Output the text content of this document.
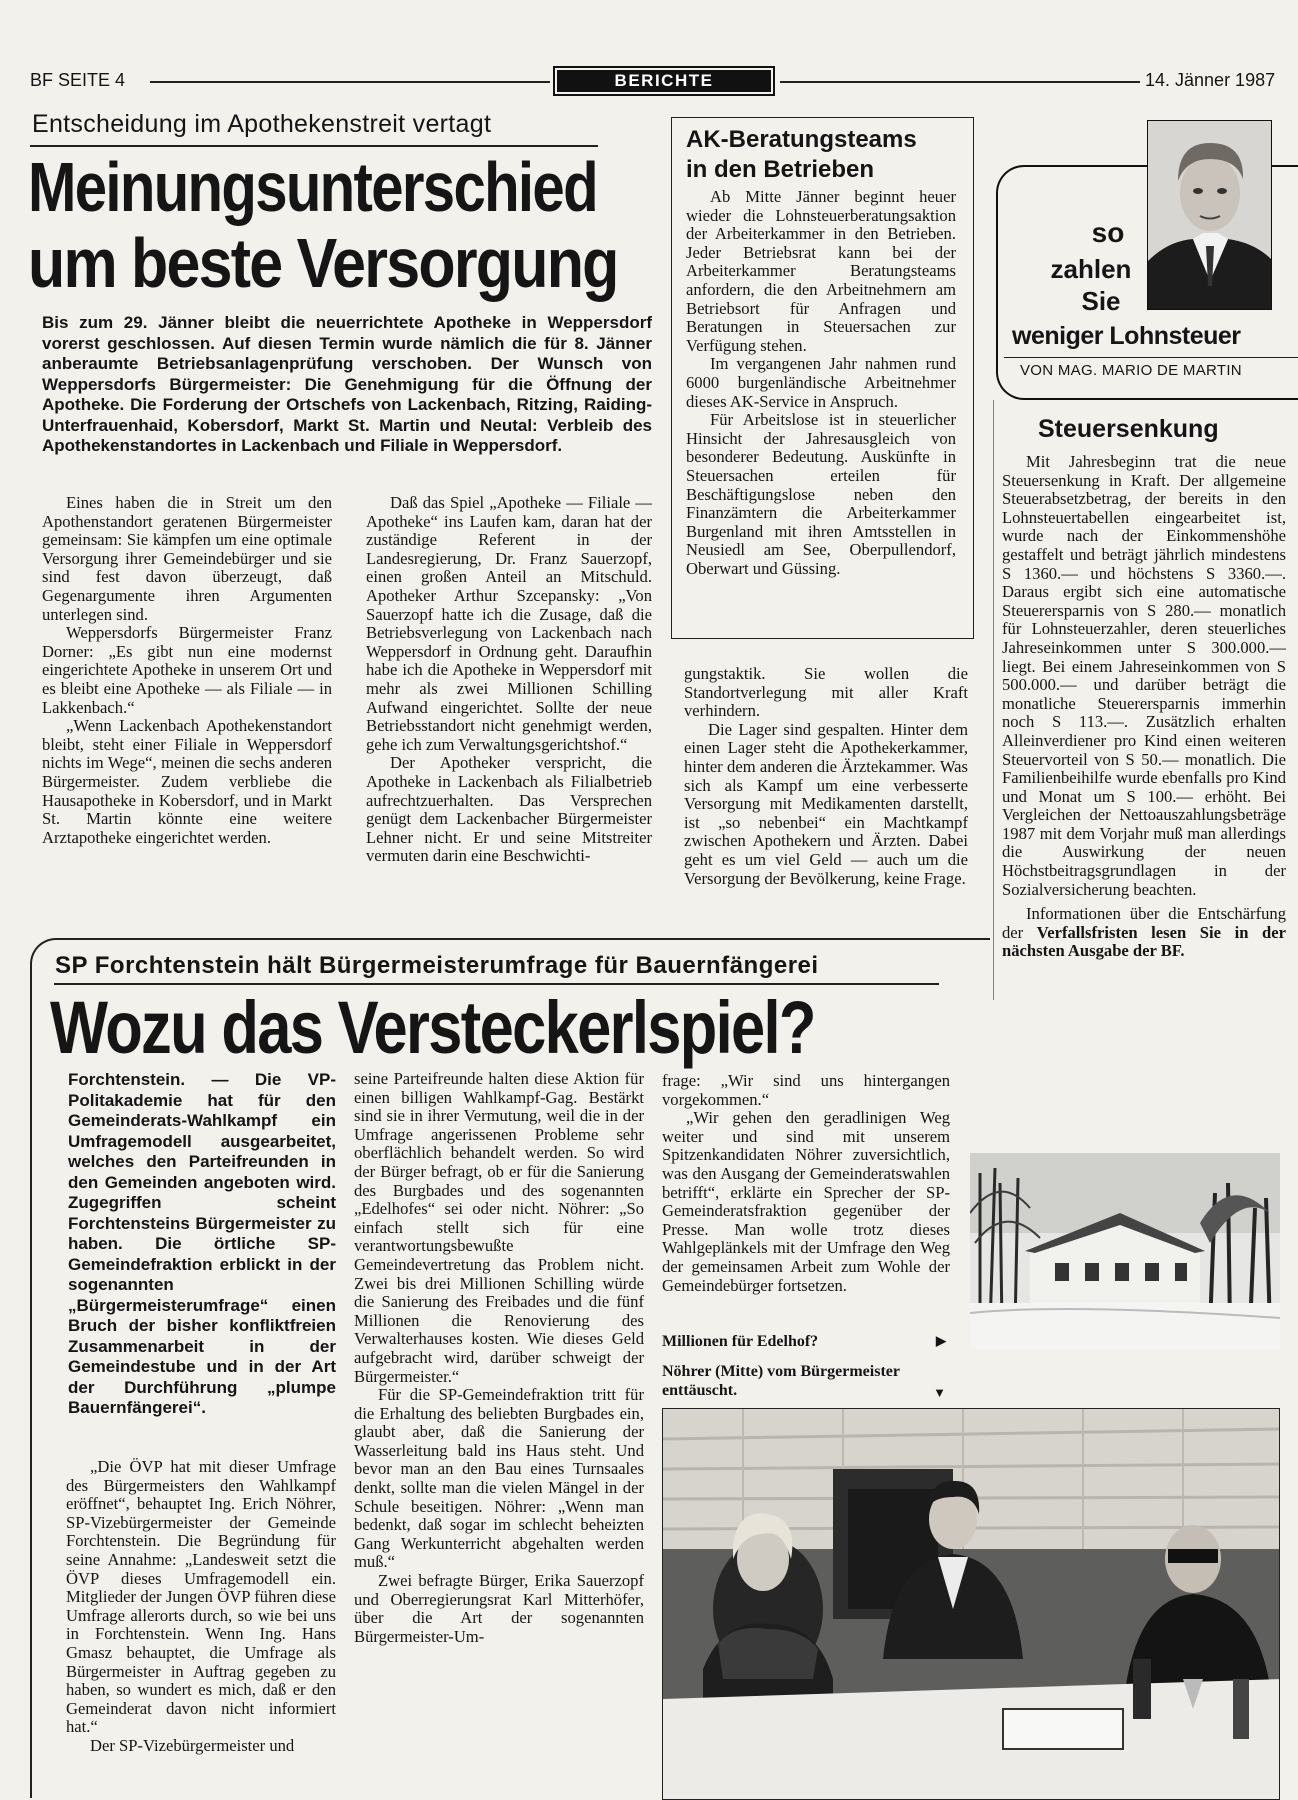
BF SEITE 4	BERICHTE	14. Jänner 1987
Entscheidung im Apothekenstreit vertagt
Meinungsunterschied
um beste Versorgung
Bis zum 29. Jänner bleibt die neuerrichtete Apotheke in Weppersdorf vorerst geschlossen. Auf diesen Termin wurde nämlich die für 8. Jänner anberaumte Betriebsanlagenprüfung verschoben. Der Wunsch von Weppersdorfs Bürgermeister: Die Genehmigung für die Öffnung der Apotheke. Die Forderung der Ortschefs von Lackenbach, Ritzing, Raiding-Unterfrauenhaid, Kobersdorf, Markt St. Martin und Neutal: Verbleib des Apothekenstandortes in Lackenbach und Filiale in Weppersdorf.

Eines haben die in Streit um den Apothenstandort geratenen Bürgermeister gemeinsam: Sie kämpfen um eine optimale Versorgung ihrer Gemeindebürger und sie sind fest davon überzeugt, daß Gegenargumente ihren Argumenten unterlegen sind.

Weppersdorfs Bürgermeister Franz Dorner: „Es gibt nun eine modernst eingerichtete Apotheke in unserem Ort und es bleibt eine Apotheke — als Filiale — in Lakkenbach.“

„Wenn Lackenbach Apothekenstandort bleibt, steht einer Filiale in Weppersdorf nichts im Wege“, meinen die sechs anderen Bürgermeister. Zudem verbliebe die Hausapotheke in Kobersdorf, und in Markt St. Martin könnte eine weitere Arztapotheke eingerichtet werden.

Daß das Spiel „Apotheke — Filiale — Apotheke“ ins Laufen kam, daran hat der zuständige Referent in der Landesregierung, Dr. Franz Sauerzopf, einen großen Anteil an Mitschuld. Apotheker Arthur Szcepansky: „Von Sauerzopf hatte ich die Zusage, daß die Betriebsverlegung von Lackenbach nach Weppersdorf in Ordnung geht. Daraufhin habe ich die Apotheke in Weppersdorf mit mehr als zwei Millionen Schilling Aufwand eingerichtet. Sollte der neue Betriebsstandort nicht genehmigt werden, gehe ich zum Verwaltungsgerichtshof.“

Der Apotheker verspricht, die Apotheke in Lackenbach als Filialbetrieb aufrechtzuerhalten. Das Versprechen genügt dem Lackenbacher Bürgermeister Lehner nicht. Er und seine Mitstreiter vermuten darin eine Beschwichti-

gungstaktik. Sie wollen die Standortverlegung mit aller Kraft verhindern.

Die Lager sind gespalten. Hinter dem einen Lager steht die Apothekerkammer, hinter dem anderen die Ärztekammer. Was sich als Kampf um eine verbesserte Versorgung mit Medikamenten darstellt, ist „so nebenbei“ ein Machtkampf zwischen Apothekern und Ärzten. Dabei geht es um viel Geld — auch um die Versorgung der Bevölkerung, keine Frage.

AK-Beratungsteams
in den Betrieben

Ab Mitte Jänner beginnt heuer wieder die Lohnsteuerberatungsaktion der Arbeiterkammer in den Betrieben. Jeder Betriebsrat kann bei der Arbeiterkammer Beratungsteams anfordern, die den Arbeitnehmern am Betriebsort für Anfragen und Beratungen in Steuersachen zur Verfügung stehen.

Im vergangenen Jahr nahmen rund 6000 burgenländische Arbeitnehmer dieses AK-Service in Anspruch.

Für Arbeitslose ist in steuerlicher Hinsicht der Jahresausgleich von besonderer Bedeutung. Auskünfte in Steuersachen erteilen für Beschäftigungslose neben den Finanzämtern die Arbeiterkammer Burgenland mit ihren Amtsstellen in Neusiedl am See, Oberpullendorf, Oberwart und Güssing.

so
zahlen
Sie
weniger Lohnsteuer
VON MAG. MARIO DE MARTIN
Steuersenkung

Mit Jahresbeginn trat die neue Steuersenkung in Kraft. Der allgemeine Steuerabsetzbetrag, der bereits in den Lohnsteuertabellen eingearbeitet ist, wurde nach der Einkommenshöhe gestaffelt und beträgt jährlich mindestens S 1360.— und höchstens S 3360.—. Daraus ergibt sich eine automatische Steuerersparnis von S 280.— monatlich für Lohnsteuerzahler, deren steuerliches Jahreseinkommen unter S 300.000.— liegt. Bei einem Jahreseinkommen von S 500.000.— und darüber beträgt die monatliche Steuerersparnis immerhin noch S 113.—. Zusätzlich erhalten Alleinverdiener pro Kind einen weiteren Steuervorteil von S 50.— monatlich. Die Familienbeihilfe wurde ebenfalls pro Kind und Monat um S 100.— erhöht. Bei Vergleichen der Nettoauszahlungsbeträge 1987 mit dem Vorjahr muß man allerdings die Auswirkung der neuen Höchstbeitragsgrundlagen in der Sozialversicherung beachten.

Informationen über die Entschärfung der Verfallsfristen lesen Sie in der nächsten Ausgabe der BF.

SP Forchtenstein hält Bürgermeisterumfrage für Bauernfängerei
Wozu das Versteckerlspiel?
Forchtenstein. — Die VP-Politakademie hat für den Gemeinderats-Wahlkampf ein Umfragemodell ausgearbeitet, welches den Parteifreunden in den Gemeinden angeboten wird. Zugegriffen scheint Forchtensteins Bürgermeister zu haben. Die örtliche SP-Gemeindefraktion erblickt in der sogenannten „Bürgermeisterumfrage“ einen Bruch der bisher konfliktfreien Zusammenarbeit in der Gemeindestube und in der Art der Durchführung „plumpe Bauernfängerei“.

„Die ÖVP hat mit dieser Umfrage des Bürgermeisters den Wahlkampf eröffnet“, behauptet Ing. Erich Nöhrer, SP-Vizebürgermeister der Gemeinde Forchtenstein. Die Begründung für seine Annahme: „Landesweit setzt die ÖVP dieses Umfragemodell ein. Mitglieder der Jungen ÖVP führen diese Umfrage allerorts durch, so wie bei uns in Forchtenstein. Wenn Ing. Hans Gmasz behauptet, die Umfrage als Bürgermeister in Auftrag gegeben zu haben, so wundert es mich, daß er den Gemeinderat davon nicht informiert hat.“

Der SP-Vizebürgermeister und

seine Parteifreunde halten diese Aktion für einen billigen Wahlkampf-Gag. Bestärkt sind sie in ihrer Vermutung, weil die in der Umfrage angerissenen Probleme sehr oberflächlich behandelt werden. So wird der Bürger befragt, ob er für die Sanierung des Burgbades und des sogenannten „Edelhofes“ sei oder nicht. Nöhrer: „So einfach stellt sich für eine verantwortungsbewußte Gemeindevertretung das Problem nicht. Zwei bis drei Millionen Schilling würde die Sanierung des Freibades und die fünf Millionen die Renovierung des Verwalterhauses kosten. Wie dieses Geld aufgebracht wird, darüber schweigt der Bürgermeister.“

Für die SP-Gemeindefraktion tritt für die Erhaltung des beliebten Burgbades ein, glaubt aber, daß die Sanierung der Wasserleitung bald ins Haus steht. Und bevor man an den Bau eines Turnsaales denkt, sollte man die vielen Mängel in der Schule beseitigen. Nöhrer: „Wenn man bedenkt, daß sogar im schlecht beheizten Gang Werkunterricht abgehalten werden muß.“

Zwei befragte Bürger, Erika Sauerzopf und Oberregierungsrat Karl Mitterhöfer, über die Art der sogenannten Bürgermeister-Um-

frage: „Wir sind uns hintergangen vorgekommen.“

„Wir gehen den geradlinigen Weg weiter und sind mit unserem Spitzenkandidaten Nöhrer zuversichtlich, was den Ausgang der Gemeinderatswahlen betrifft“, erklärte ein Sprecher der SP-Gemeinderatsfraktion gegenüber der Presse. Man wolle trotz dieses Wahlgeplänkels mit der Umfrage den Weg der gemeinsamen Arbeit zum Wohle der Gemeindebürger fortsetzen.

Millionen für Edelhof?	▶
Nöhrer (Mitte) vom Bürgermeister enttäuscht.	▼
